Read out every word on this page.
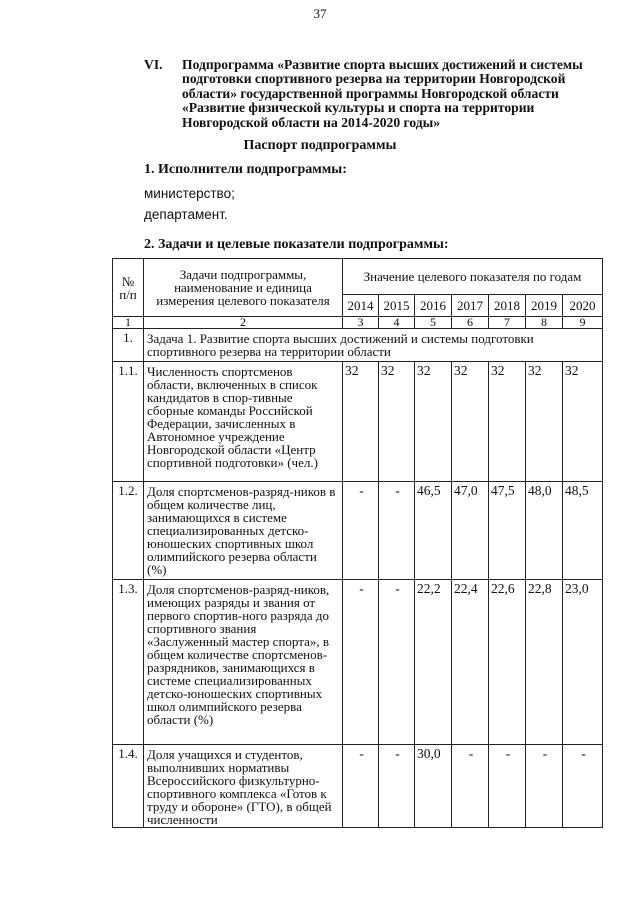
37
VI. Подпрограмма «Развитие спорта высших достижений и системы подготовки спортивного резерва на территории Новгородской области» государственной программы Новгородской области «Развитие физической культуры и спорта на территории Новгородской области на 2014-2020 годы»
Паспорт подпрограммы
1. Исполнители подпрограммы:
министерство;
департамент.
2. Задачи и целевые показатели подпрограммы:
№ п/п	Задачи подпрограммы, наименование и единица измерения целевого показателя	Значение целевого показателя по годам						
		2014	2015	2016	2017	2018	2019	2020
1	2	3	4	5	6	7	8	9
1.	Задача 1. Развитие спорта высших достижений и системы подготовки спортивного резерва на территории области							
1.1.	Численность спортсменов области, включенных в список кандидатов в спор-тивные сборные команды Российской Федерации, зачисленных в Автономное учреждение Новгородской области «Центр спортивной подготовки» (чел.)	32	32	32	32	32	32	32
1.2.	Доля спортсменов-разряд-ников в общем количестве лиц, занимающихся в системе специализированных детско-юношеских спортивных школ олимпийского резерва области (%)	-	-	46,5	47,0	47,5	48,0	48,5
1.3.	Доля спортсменов-разряд-ников, имеющих разряды и звания от первого спортив-ного разряда до спортивного звания «Заслуженный мастер спорта», в общем количестве спортсменов-разрядников, занимающихся в системе специализированных детско-юношеских спортивных школ олимпийского резерва области (%)	-	-	22,2	22,4	22,6	22,8	23,0
1.4.	Доля учащихся и студентов, выполнивших нормативы Всероссийского физкультурно-спортивного комплекса «Готов к труду и обороне» (ГТО), в общей численности	-	-	30,0	-	-	-	-
